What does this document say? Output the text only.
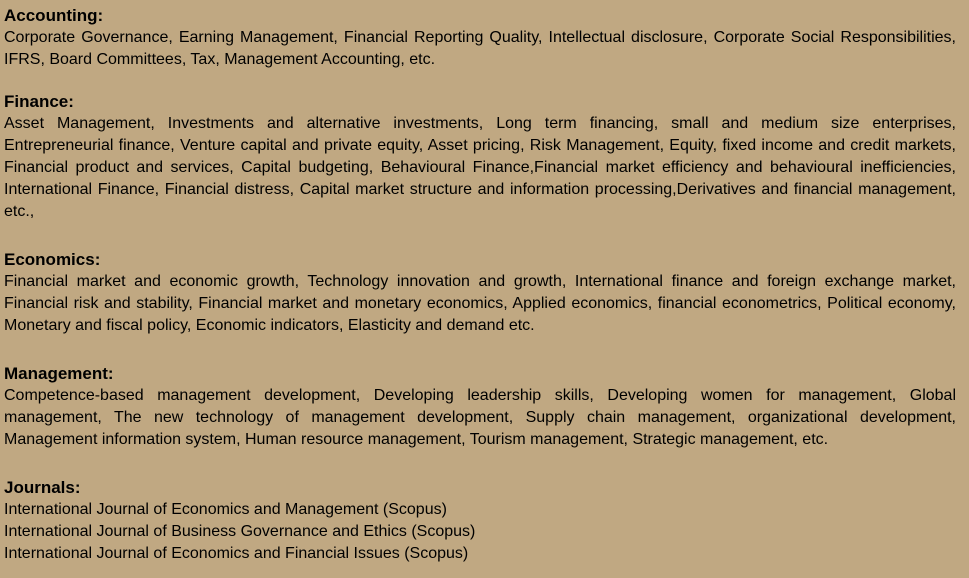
Accounting:

Corporate Governance, Earning Management, Financial Reporting Quality, Intellectual disclosure, Corporate Social Responsibilities, IFRS, Board Committees, Tax, Management Accounting, etc.

Finance:

Asset Management, Investments and alternative investments, Long term financing, small and medium size enterprises, Entrepreneurial finance, Venture capital and private equity, Asset pricing, Risk Management, Equity, fixed income and credit markets, Financial product and services, Capital budgeting, Behavioural Finance,Financial market efficiency and behavioural inefficiencies, International Finance, Financial distress, Capital market structure and information processing,Derivatives and financial management, etc.,

Economics:

Financial market and economic growth, Technology innovation and growth, International finance and foreign exchange market, Financial risk and stability, Financial market and monetary economics, Applied economics, financial econometrics, Political economy, Monetary and fiscal policy, Economic indicators, Elasticity and demand etc.

Management:

Competence-based management development, Developing leadership skills, Developing women for management, Global management, The new technology of management development, Supply chain management, organizational development, Management information system, Human resource management, Tourism management, Strategic management, etc.

Journals:

International Journal of Economics and Management (Scopus)

International Journal of Business Governance and Ethics (Scopus)

International Journal of Economics and Financial Issues (Scopus)
